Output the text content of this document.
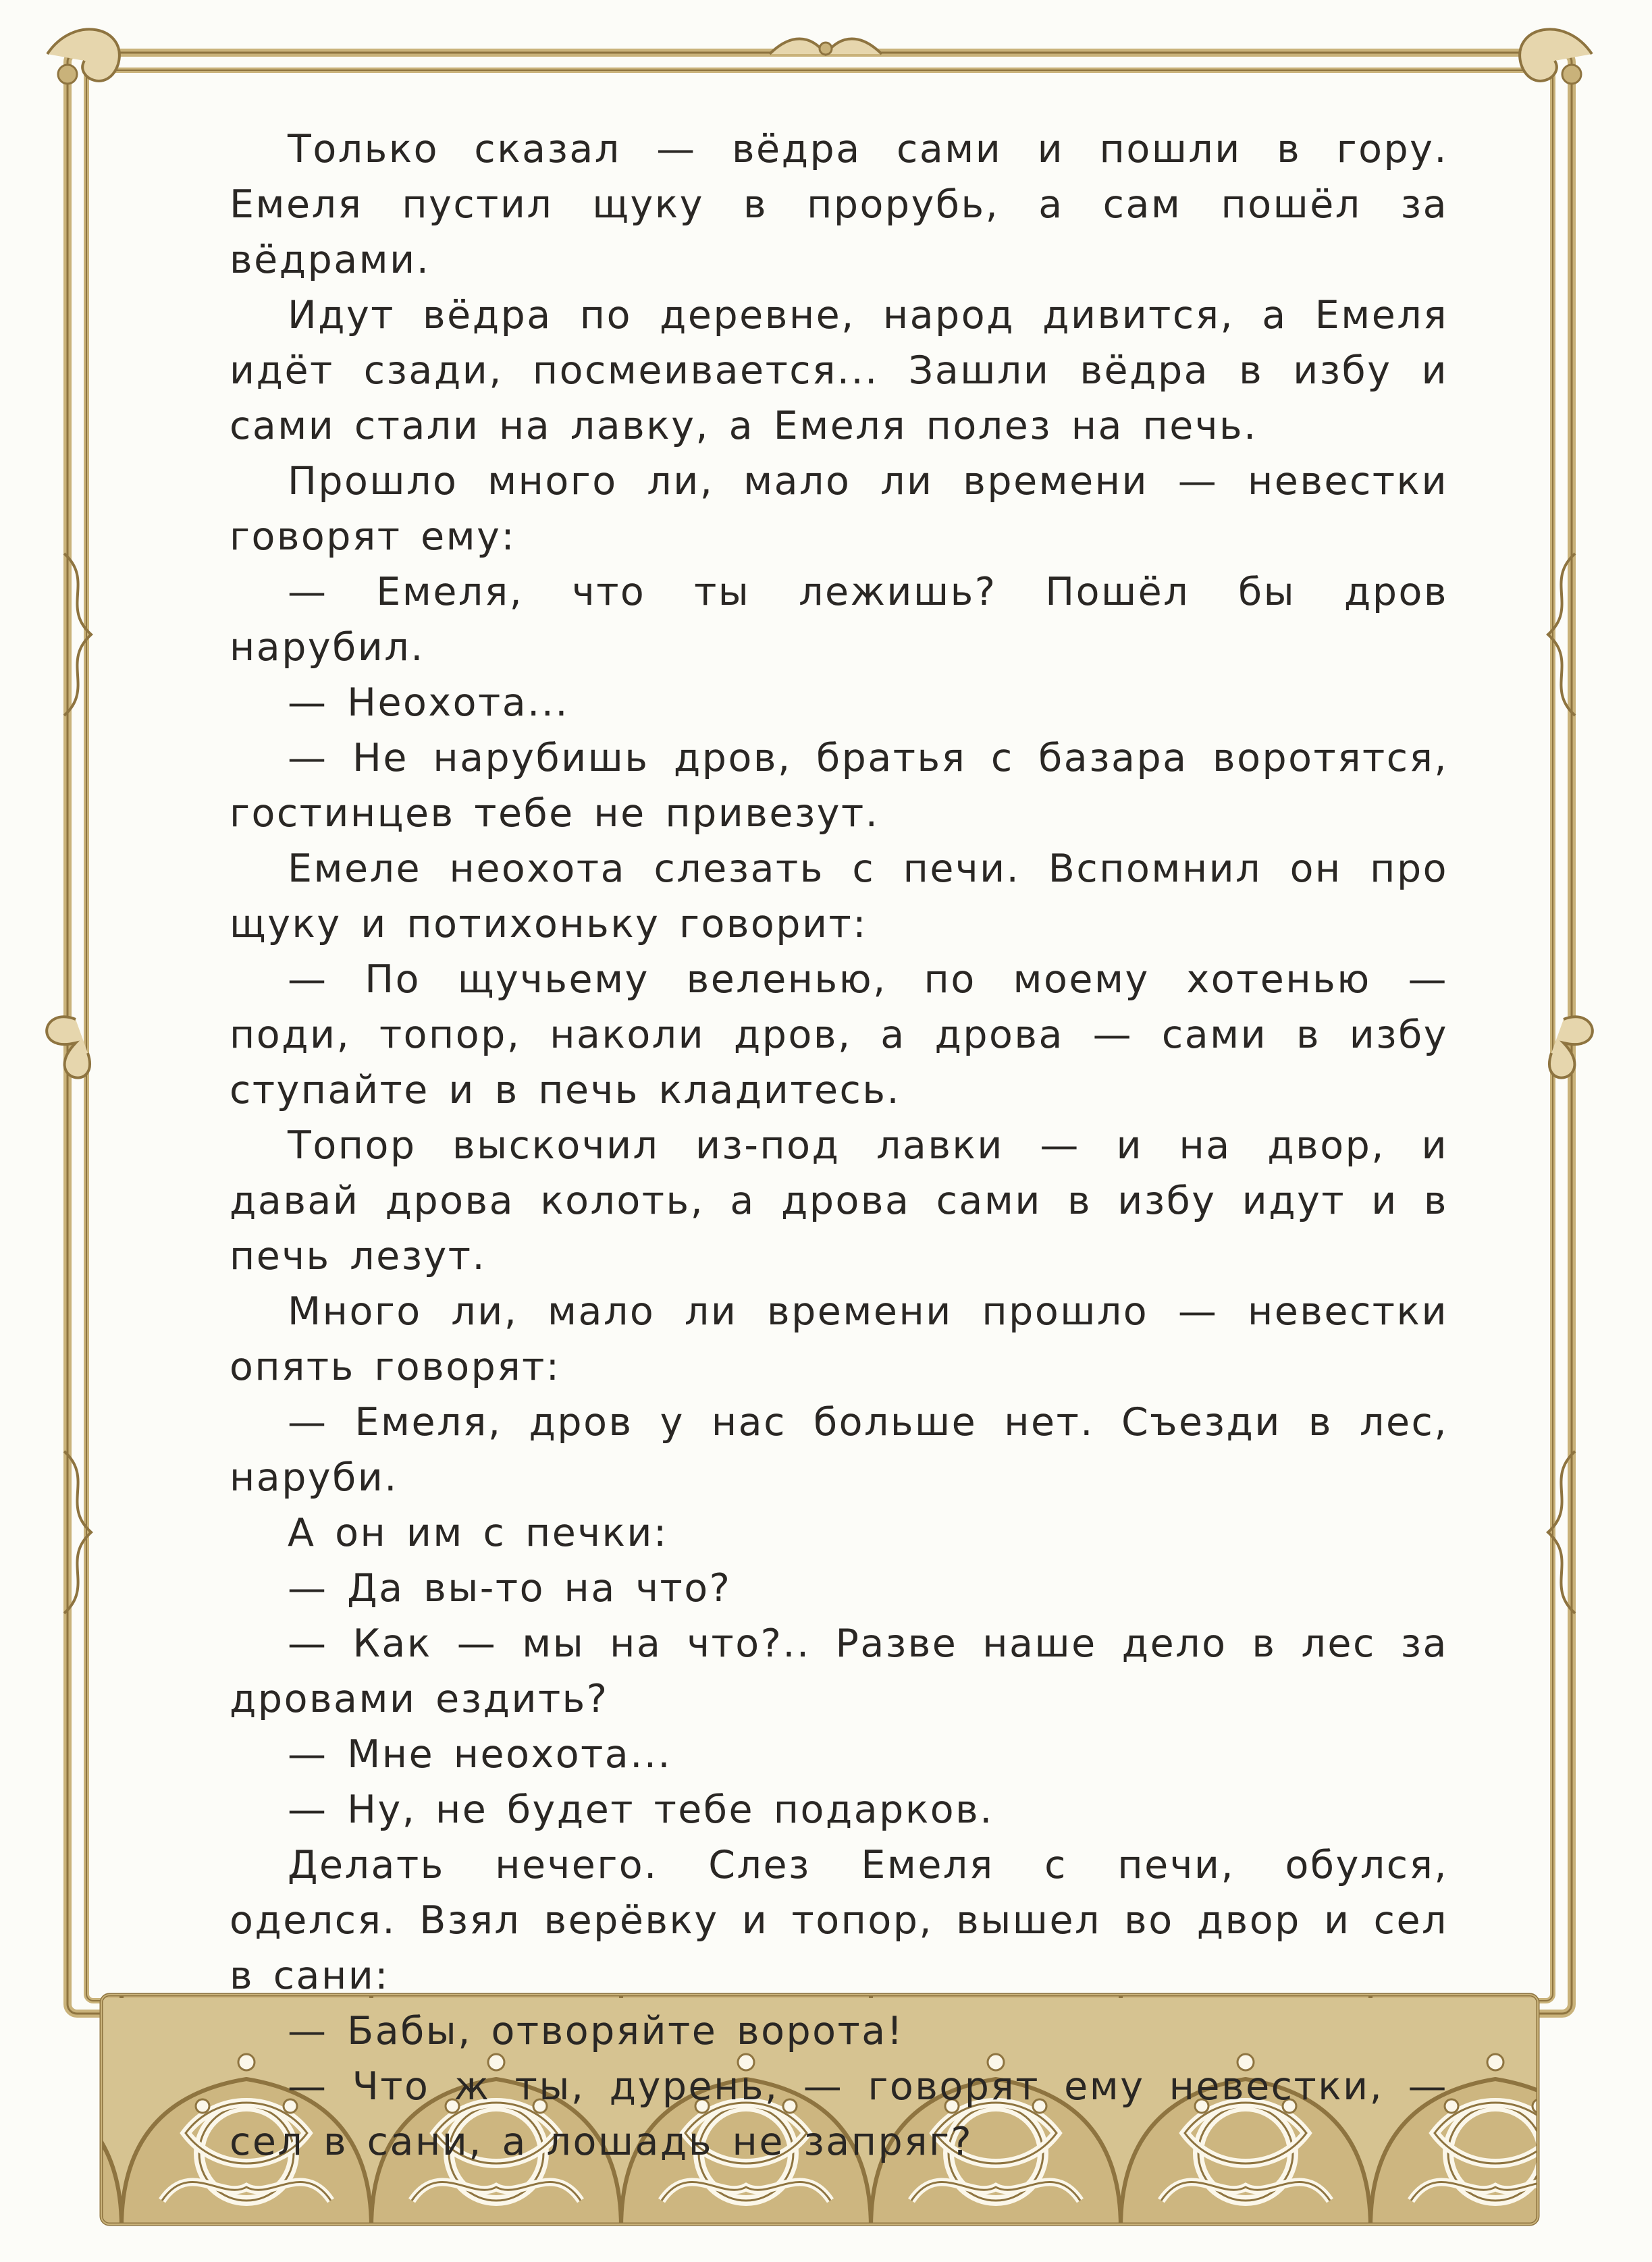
Только сказал — вёдра сами и пошли в гору. Емеля пустил щуку в прорубь, а сам пошёл за вёдрами.

Идут вёдра по деревне, народ дивится, а Емеля идёт сзади, посмеивается... Зашли вёдра в избу и сами стали на лавку, а Емеля полез на печь.

Прошло много ли, мало ли времени — невестки говорят ему:

— Емеля, что ты лежишь? Пошёл бы дров нарубил.

— Неохота...

— Не нарубишь дров, братья с базара воротятся, гостинцев тебе не привезут.

Емеле неохота слезать с печи. Вспомнил он про щуку и потихоньку говорит:

— По щучьему веленью, по моему хотенью — поди, топор, наколи дров, а дрова — сами в избу ступайте и в печь кладитесь.

Топор выскочил из-под лавки — и на двор, и давай дрова колоть, а дрова сами в избу идут и в печь лезут.

Много ли, мало ли времени прошло — невестки опять говорят:

— Емеля, дров у нас больше нет. Съезди в лес, наруби.

А он им с печки:

— Да вы-то на что?

— Как — мы на что?.. Разве наше дело в лес за дровами ездить?

— Мне неохота...

— Ну, не будет тебе подарков.

Делать нечего. Слез Емеля с печи, обулся, оделся. Взял верёвку и топор, вышел во двор и сел в сани:

— Бабы, отворяйте ворота!

— Что ж ты, дурень, — говорят ему невестки, — сел в сани, а лошадь не запряг?
